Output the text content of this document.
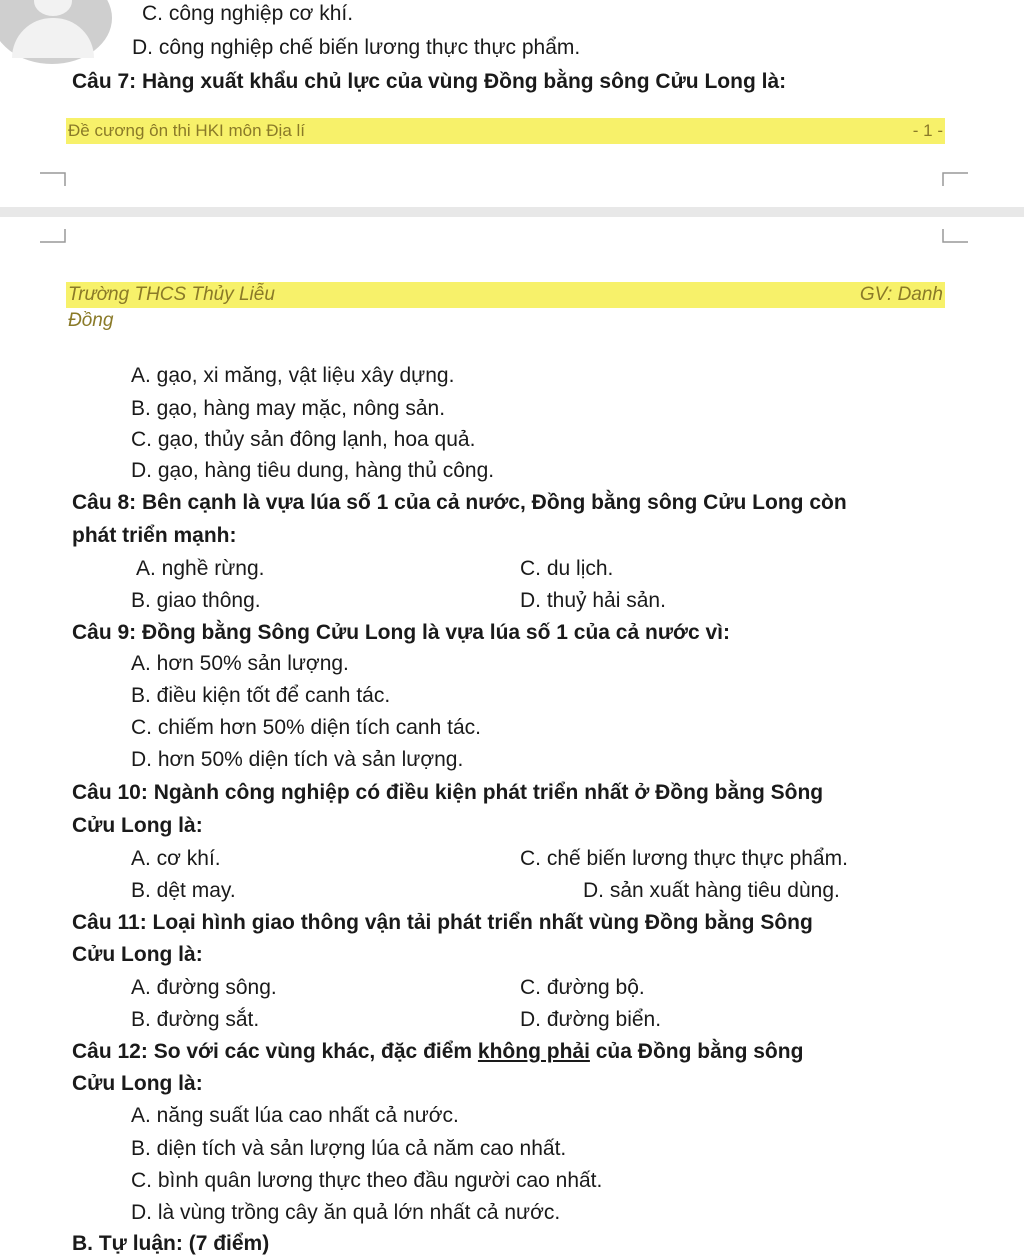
C. công nghiệp cơ khí.
D. công nghiệp chế biến lương thực thực phẩm.
Câu 7: Hàng xuất khẩu chủ lực của vùng Đồng bằng sông Cửu Long là:
Đề cương ôn thi HKI môn Địa lí	- 1 -
Trường THCS Thủy Liễu	GV: Danh
Đồng
A. gạo, xi măng, vật liệu xây dựng.
B. gạo, hàng may mặc, nông sản.
C. gạo, thủy sản đông lạnh, hoa quả.
D. gạo, hàng tiêu dung, hàng thủ công.
Câu 8: Bên cạnh là vựa lúa số 1 của cả nước, Đồng bằng sông Cửu Long còn
phát triển mạnh:
A. nghề rừng.	C. du lịch.
B. giao thông.	D. thuỷ hải sản.
Câu 9: Đồng bằng Sông Cửu Long là vựa lúa số 1 của cả nước vì:
A. hơn 50% sản lượng.
B. điều kiện tốt để canh tác.
C. chiếm hơn 50% diện tích canh tác.
D. hơn 50% diện tích và sản lượng.
Câu 10: Ngành công nghiệp có điều kiện phát triển nhất ở Đồng bằng Sông
Cửu Long là:
A. cơ khí.	C. chế biến lương thực thực phẩm.
B. dệt may.	D. sản xuất hàng tiêu dùng.
Câu 11: Loại hình giao thông vận tải phát triển nhất vùng Đồng bằng Sông
Cửu Long là:
A. đường sông.	C. đường bộ.
B. đường sắt.	D. đường biển.
Câu 12: So với các vùng khác, đặc điểm không phải của Đồng bằng sông
Cửu Long là:
A. năng suất lúa cao nhất cả nước.
B. diện tích và sản lượng lúa cả năm cao nhất.
C. bình quân lương thực theo đầu người cao nhất.
D. là vùng trồng cây ăn quả lớn nhất cả nước.
B. Tự luận: (7 điểm)
